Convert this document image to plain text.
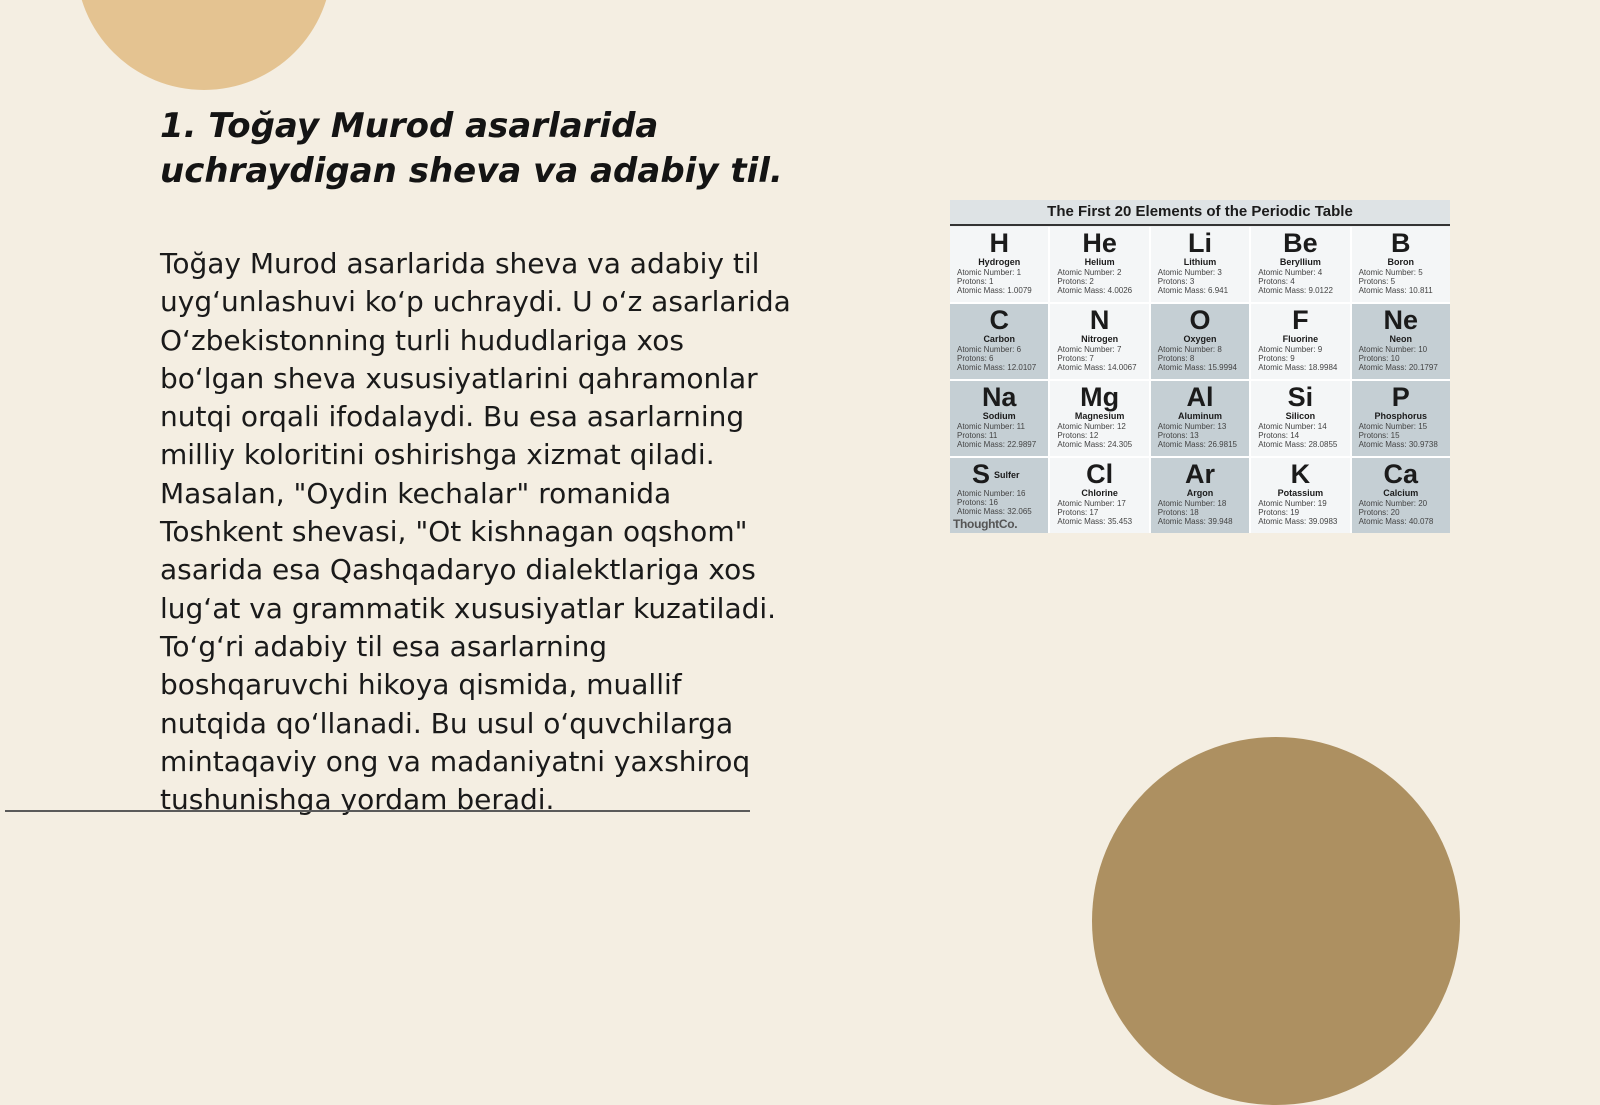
1. Toğay Murod asarlarida
uchraydigan sheva va adabiy til.

Toğay Murod asarlarida sheva va adabiy til
uyg‘unlashuvi ko‘p uchraydi. U o‘z asarlarida
O‘zbekistonning turli hududlariga xos
bo‘lgan sheva xususiyatlarini qahramonlar
nutqi orqali ifodalaydi. Bu esa asarlarning
milliy koloritini oshirishga xizmat qiladi.
Masalan, "Oydin kechalar" romanida
Toshkent shevasi, "Ot kishnagan oqshom"
asarida esa Qashqadaryo dialektlariga xos
lug‘at va grammatik xususiyatlar kuzatiladi.
To‘g‘ri adabiy til esa asarlarning
boshqaruvchi hikoya qismida, muallif
nutqida qo‘llanadi. Bu usul o‘quvchilarga
mintaqaviy ong va madaniyatni yaxshiroq
tushunishga yordam beradi.

The First 20 Elements of the Periodic Table
H
Hydrogen
Atomic Number: 1
Protons: 1
Atomic Mass: 1.0079
He
Helium
Atomic Number: 2
Protons: 2
Atomic Mass: 4.0026
Li
Lithium
Atomic Number: 3
Protons: 3
Atomic Mass: 6.941
Be
Beryllium
Atomic Number: 4
Protons: 4
Atomic Mass: 9.0122
B
Boron
Atomic Number: 5
Protons: 5
Atomic Mass: 10.811
C
Carbon
Atomic Number: 6
Protons: 6
Atomic Mass: 12.0107
N
Nitrogen
Atomic Number: 7
Protons: 7
Atomic Mass: 14.0067
O
Oxygen
Atomic Number: 8
Protons: 8
Atomic Mass: 15.9994
F
Fluorine
Atomic Number: 9
Protons: 9
Atomic Mass: 18.9984
Ne
Neon
Atomic Number: 10
Protons: 10
Atomic Mass: 20.1797
Na
Sodium
Atomic Number: 11
Protons: 11
Atomic Mass: 22.9897
Mg
Magnesium
Atomic Number: 12
Protons: 12
Atomic Mass: 24.305
Al
Aluminum
Atomic Number: 13
Protons: 13
Atomic Mass: 26.9815
Si
Silicon
Atomic Number: 14
Protons: 14
Atomic Mass: 28.0855
P
Phosphorus
Atomic Number: 15
Protons: 15
Atomic Mass: 30.9738
S Sulfer
Atomic Number: 16
Protons: 16
Atomic Mass: 32.065
Cl
Chlorine
Atomic Number: 17
Protons: 17
Atomic Mass: 35.453
Ar
Argon
Atomic Number: 18
Protons: 18
Atomic Mass: 39.948
K
Potassium
Atomic Number: 19
Protons: 19
Atomic Mass: 39.0983
Ca
Calcium
Atomic Number: 20
Protons: 20
Atomic Mass: 40.078
ThoughtCo.
